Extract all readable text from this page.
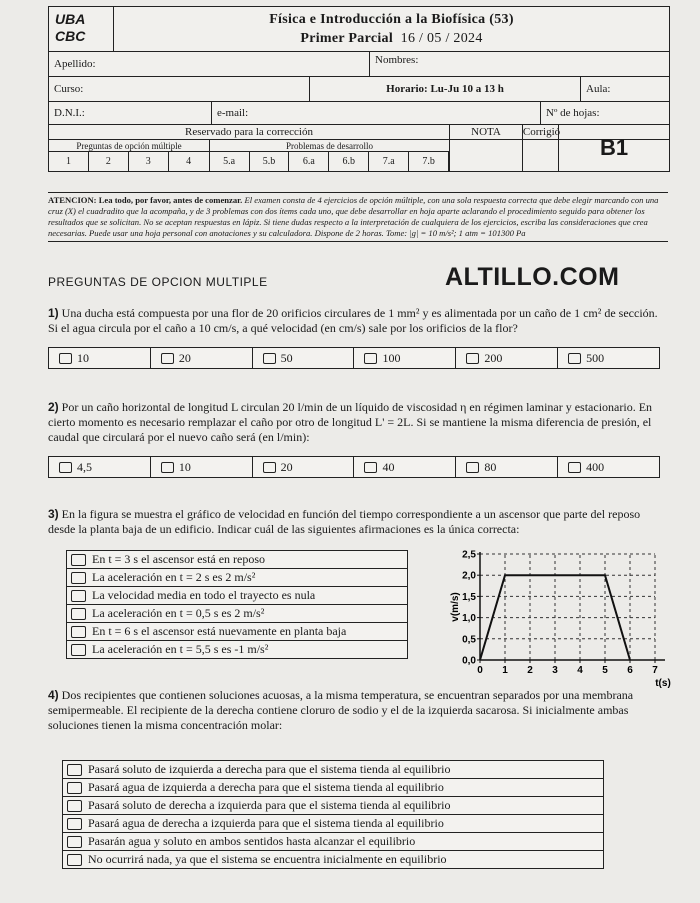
UBA
CBC
Física e Introducción a la Biofísica (53)
Primer Parcial 16 / 05 / 2024
Apellido:	Nombres:
Curso:	Horario: Lu-Ju 10 a 13 h	Aula:
D.N.I.:	e-mail:	Nº de hojas:
Reservado para la corrección	NOTA	Corrigió
Preguntas de opción múltiple	Problemas de desarrollo
1	2	3	4	5.a	5.b	6.a	6.b	7.a	7.b
B1
ATENCION: Lea todo, por favor, antes de comenzar. El examen consta de 4 ejercicios de opción múltiple, con una sola respuesta correcta que debe elegir marcando con una cruz (X) el cuadradito que la acompaña, y de 3 problemas con dos ítems cada uno, que debe desarrollar en hoja aparte aclarando el procedimiento seguido para obtener los resultados que se solicitan. No se aceptan respuestas en lápiz. Si tiene dudas respecto a la interpretación de cualquiera de los ejercicios, escriba las consideraciones que crea necesarias. Puede usar una hoja personal con anotaciones y su calculadora. Dispone de 2 horas. Tome: |g| = 10 m/s²; 1 atm = 101300 Pa
PREGUNTAS DE OPCION MULTIPLE	ALTILLO.COM
1) Una ducha está compuesta por una flor de 20 orificios circulares de 1 mm² y es alimentada por un caño de 1 cm² de sección. Si el agua circula por el caño a 10 cm/s, a qué velocidad (en cm/s) sale por los orificios de la flor?
10	20	50	100	200	500
2) Por un caño horizontal de longitud L circulan 20 l/min de un líquido de viscosidad η en régimen laminar y estacionario. En cierto momento es necesario remplazar el caño por otro de longitud L' = 2L. Si se mantiene la misma diferencia de presión, el caudal que circulará por el nuevo caño será (en l/min):
4,5	10	20	40	80	400
3) En la figura se muestra el gráfico de velocidad en función del tiempo correspondiente a un ascensor que parte del reposo desde la planta baja de un edificio. Indicar cuál de las siguientes afirmaciones es la única correcta:
En t = 3 s el ascensor está en reposo
La aceleración en t = 2 s es 2 m/s²
La velocidad media en todo el trayecto es nula
La aceleración en t = 0,5 s es 2 m/s²
En t = 6 s el ascensor está nuevamente en planta baja
La aceleración en t = 5,5 s es -1 m/s²
0 1 2 3 4 5 6 7
0,0
0,5
1,0
1,5
2,0
2,5
t(s)
v(m/s)
4) Dos recipientes que contienen soluciones acuosas, a la misma temperatura, se encuentran separados por una membrana semipermeable. El recipiente de la derecha contiene cloruro de sodio y el de la izquierda sacarosa. Si inicialmente ambas soluciones tienen la misma concentración molar:
Pasará soluto de izquierda a derecha para que el sistema tienda al equilibrio
Pasará agua de izquierda a derecha para que el sistema tienda al equilibrio
Pasará soluto de derecha a izquierda para que el sistema tienda al equilibrio
Pasará agua de derecha a izquierda para que el sistema tienda al equilibrio
Pasarán agua y soluto en ambos sentidos hasta alcanzar el equilibrio
No ocurrirá nada, ya que el sistema se encuentra inicialmente en equilibrio
